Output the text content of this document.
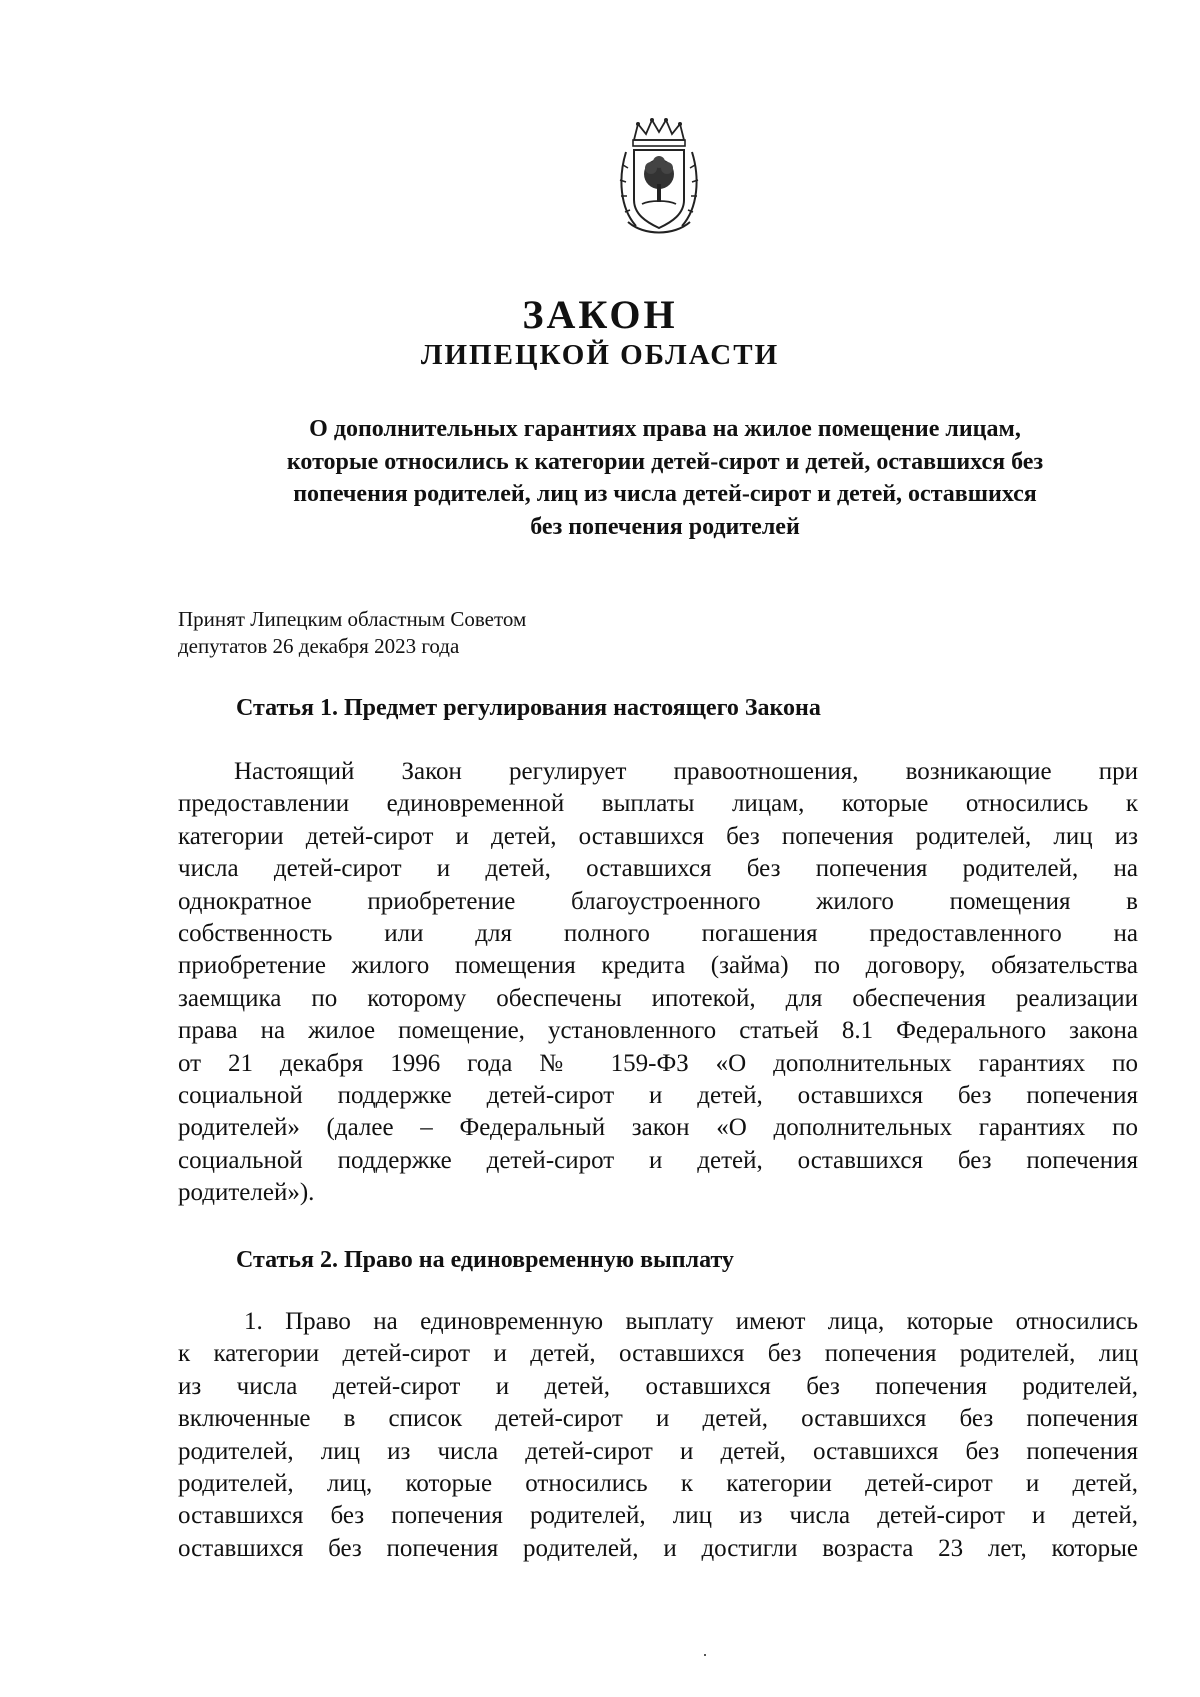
ЗАКОН
ЛИПЕЦКОЙ ОБЛАСТИ
О дополнительных гарантиях права на жилое помещение лицам,
которые относились к категории детей-сирот и детей, оставшихся без
попечения родителей, лиц из числа детей-сирот и детей, оставшихся
без попечения родителей
Принят Липецким областным Советом
депутатов 26 декабря 2023 года
Статья 1. Предмет регулирования настоящего Закона
Настоящий Закон регулирует правоотношения, возникающие при
предоставлении единовременной выплаты лицам, которые относились к
категории детей-сирот и детей, оставшихся без попечения родителей, лиц из
числа детей-сирот и детей, оставшихся без попечения родителей, на
однократное приобретение благоустроенного жилого помещения в
собственность или для полного погашения предоставленного на
приобретение жилого помещения кредита (займа) по договору, обязательства
заемщика по которому обеспечены ипотекой, для обеспечения реализации
права на жилое помещение, установленного статьей 8.1 Федерального закона
от 21 декабря 1996 года № 159-ФЗ «О дополнительных гарантиях по
социальной поддержке детей-сирот и детей, оставшихся без попечения
родителей» (далее – Федеральный закон «О дополнительных гарантиях по
социальной поддержке детей-сирот и детей, оставшихся без попечения
родителей»).
Статья 2. Право на единовременную выплату
1. Право на единовременную выплату имеют лица, которые относились
к категории детей-сирот и детей, оставшихся без попечения родителей, лиц
из числа детей-сирот и детей, оставшихся без попечения родителей,
включенные в список детей-сирот и детей, оставшихся без попечения
родителей, лиц из числа детей-сирот и детей, оставшихся без попечения
родителей, лиц, которые относились к категории детей-сирот и детей,
оставшихся без попечения родителей, лиц из числа детей-сирот и детей,
оставшихся без попечения родителей, и достигли возраста 23 лет, которые
